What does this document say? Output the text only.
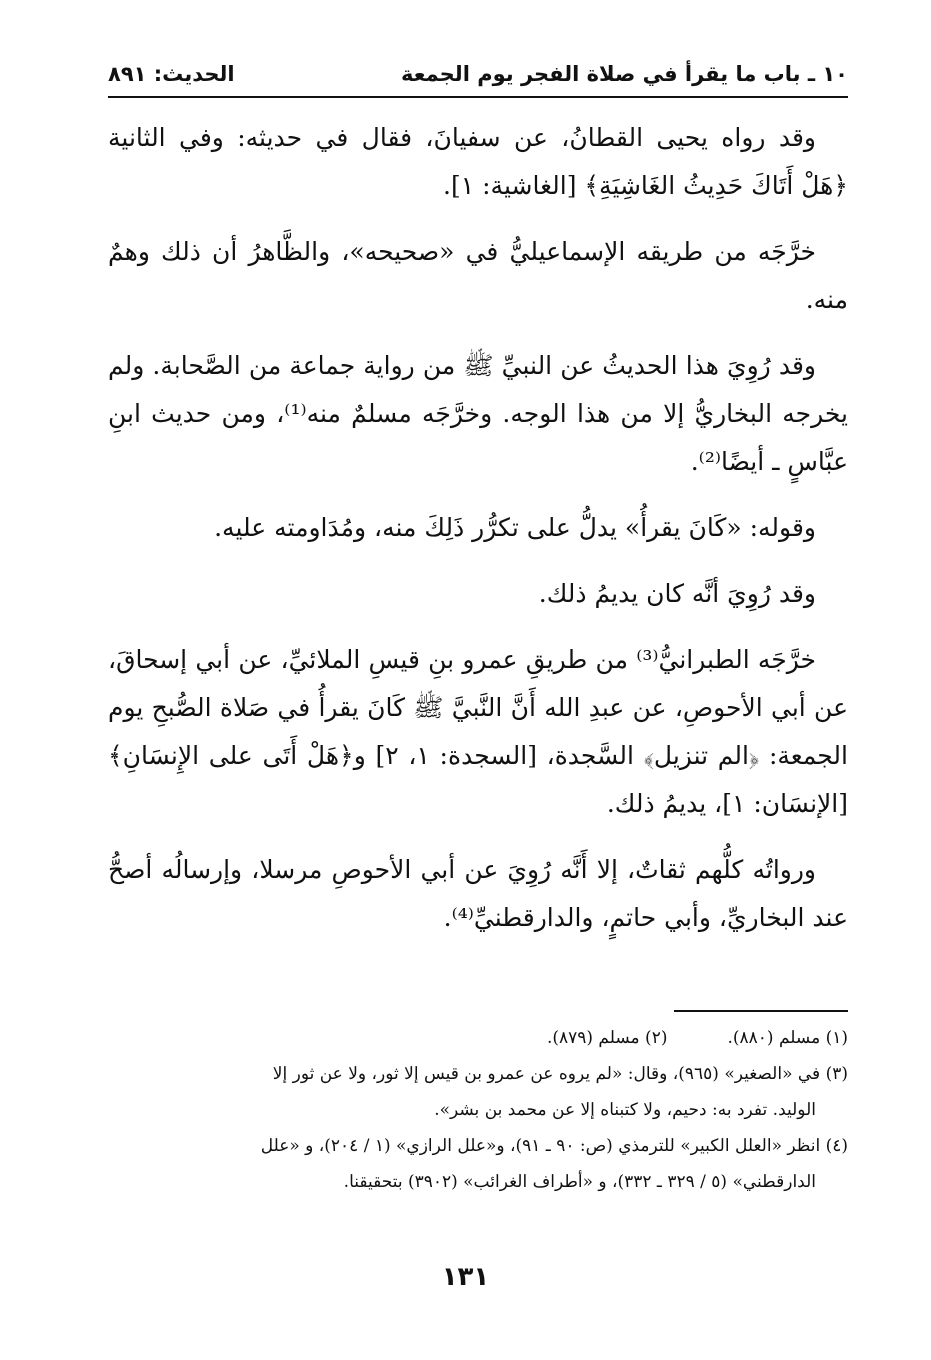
١٠ ـ باب ما يقرأ في صلاة الفجر يوم الجمعة
الحديث: ٨٩١

وقد رواه يحيى القطانُ، عن سفيانَ، فقال في حديثه: وفي الثانية ﴿هَلْ أَتَاكَ حَدِيثُ الغَاشِيَةِ﴾ [الغاشية: ١].

خرَّجَه من طريقه الإسماعيليُّ في «صحيحه»، والظَّاهرُ أن ذلك وهمٌ منه.

وقد رُوِيَ هذا الحديثُ عن النبيِّ ﷺ من رواية جماعة من الصَّحابة. ولم يخرجه البخاريُّ إلا من هذا الوجه. وخرَّجَه مسلمٌ منه⁽¹⁾، ومن حديث ابنِ عبَّاسٍ ـ أيضًا⁽²⁾.

وقوله: «كَانَ يقرأُ» يدلُّ على تكرُّر ذَلِكَ منه، ومُدَاومته عليه.

وقد رُوِيَ أنَّه كان يديمُ ذلك.

خرَّجَه الطبرانيُّ⁽³⁾ من طريقِ عمرو بنِ قيسِ الملائيِّ، عن أبي إسحاقَ، عن أبي الأحوصِ، عن عبدِ الله أَنَّ النَّبيَّ ﷺ كَانَ يقرأُ في صَلاة الصُّبحِ يوم الجمعة: ﴿الم تنزيل﴾ السَّجدة، [السجدة: ١، ٢] و﴿هَلْ أَتَى على الإِنسَانِ﴾ [الإنسَان: ١]، يديمُ ذلك.

ورواتُه كلُّهم ثقاتٌ، إلا أَنَّه رُوِيَ عن أبي الأحوصِ مرسلا، وإرسالُه أصحُّ عند البخاريِّ، وأبي حاتمٍ، والدارقطنيِّ⁽⁴⁾.

(١) مسلم (٨٨٠).
(٢) مسلم (٨٧٩).

(٣) في «الصغير» (٩٦٥)، وقال: «لم يروه عن عمرو بن قيس إلا ثور، ولا عن ثور إلا

الوليد. تفرد به: دحيم، ولا كتبناه إلا عن محمد بن بشر».

(٤) انظر «العلل الكبير» للترمذي (ص: ٩٠ ـ ٩١)، و«علل الرازي» (١ / ٢٠٤)، و «علل

الدارقطني» (٥ / ٣٢٩ ـ ٣٣٢)، و «أطراف الغرائب» (٣٩٠٢) بتحقيقنا.

١٣١
